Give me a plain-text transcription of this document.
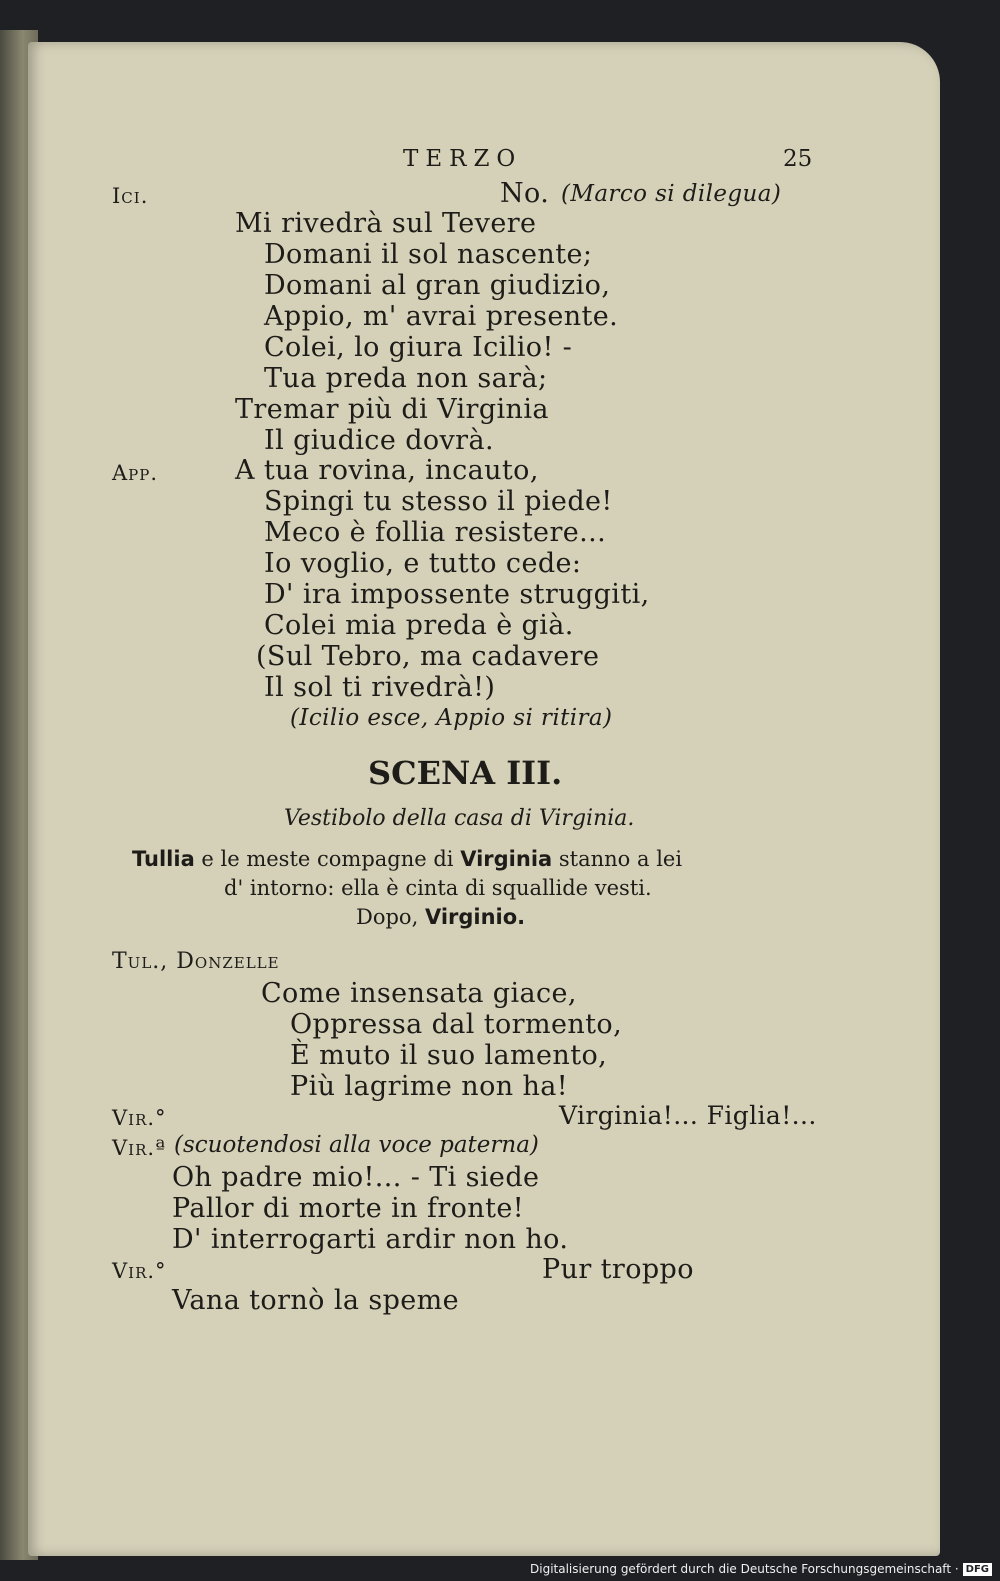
TERZO	25
Ici.	No. (Marco si dilegua)
Mi rivedrà sul Tevere
Domani il sol nascente;
Domani al gran giudizio,
Appio, m' avrai presente.
Colei, lo giura Icilio! -
Tua preda non sarà;
Tremar più di Virginia
Il giudice dovrà.
App.	A tua rovina, incauto,
Spingi tu stesso il piede!
Meco è follia resistere...
Io voglio, e tutto cede:
D' ira impossente struggiti,
Colei mia preda è già.
(Sul Tebro, ma cadavere
Il sol ti rivedrà!)
(Icilio esce, Appio si ritira)
SCENA III.
Vestibolo della casa di Virginia.
Tullia e le meste compagne di Virginia stanno a lei
d' intorno: ella è cinta di squallide vesti.
Dopo, Virginio.
Tul., Donzelle
Come insensata giace,
Oppressa dal tormento,
È muto il suo lamento,
Più lagrime non ha!
Vir.°	Virginia!... Figlia!...
Vir.ª (scuotendosi alla voce paterna)
Oh padre mio!... - Ti siede
Pallor di morte in fronte!
D' interrogarti ardir non ho.
Vir.°	Pur troppo
Vana tornò la speme
Digitalisierung gefördert durch die Deutsche Forschungsgemeinschaft · DFG
